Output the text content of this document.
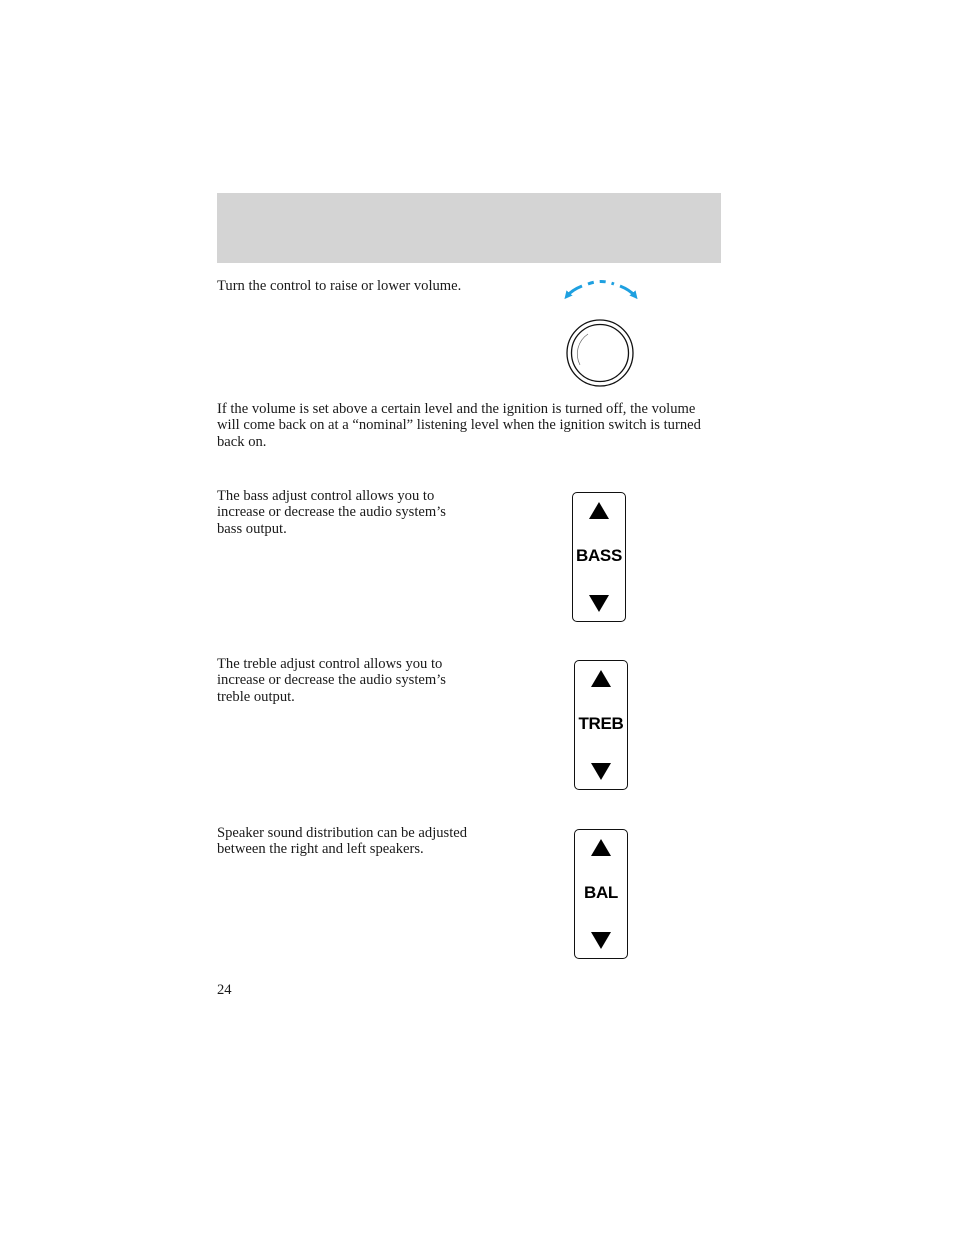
Turn the control to raise or lower volume.

If the volume is set above a certain level and the ignition is turned off, the volume will come back on at a “nominal” listening level when the ignition switch is turned back on.

The bass adjust control allows you to increase or decrease the audio system’s bass output.

BASS

The treble adjust control allows you to increase or decrease the audio system’s treble output.

TREB

Speaker sound distribution can be adjusted between the right and left speakers.

BAL
24
